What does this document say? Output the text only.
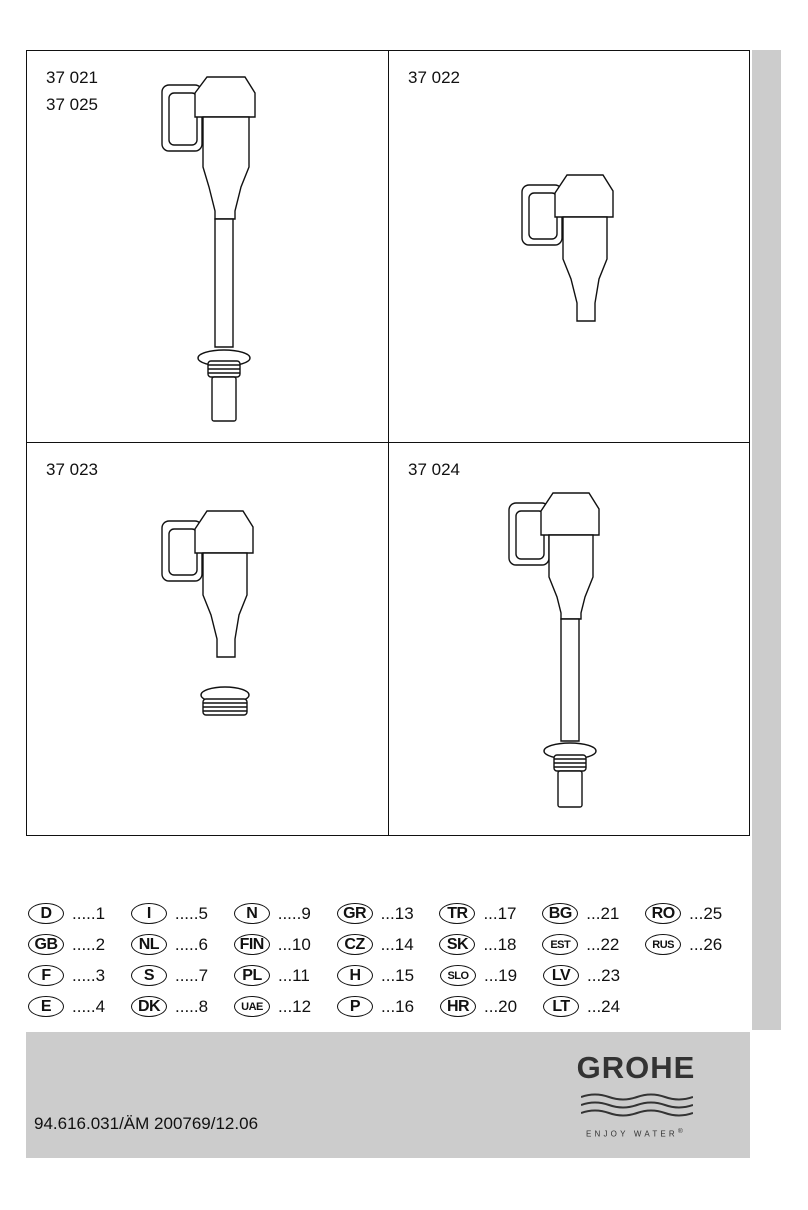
37 021
37 025
37 022
37 023	37 024
D	.....1	I	.....5	N	.....9	GR ...13	TR ...17	BG ...21	RO ...25
GB .....2	NL .....6	FIN ...10	CZ ...14	SK ...18	EST ...22	RUS ...26
F	.....3	S	.....7	PL ...11	H	...15	SLO ...19	LV ...23
E	.....4	DK .....8	UAE ...12	P	...16	HR ...20	LT	...24
94.616.031/ÄM 200769/12.06
GROHE
ENJOY WATER®
